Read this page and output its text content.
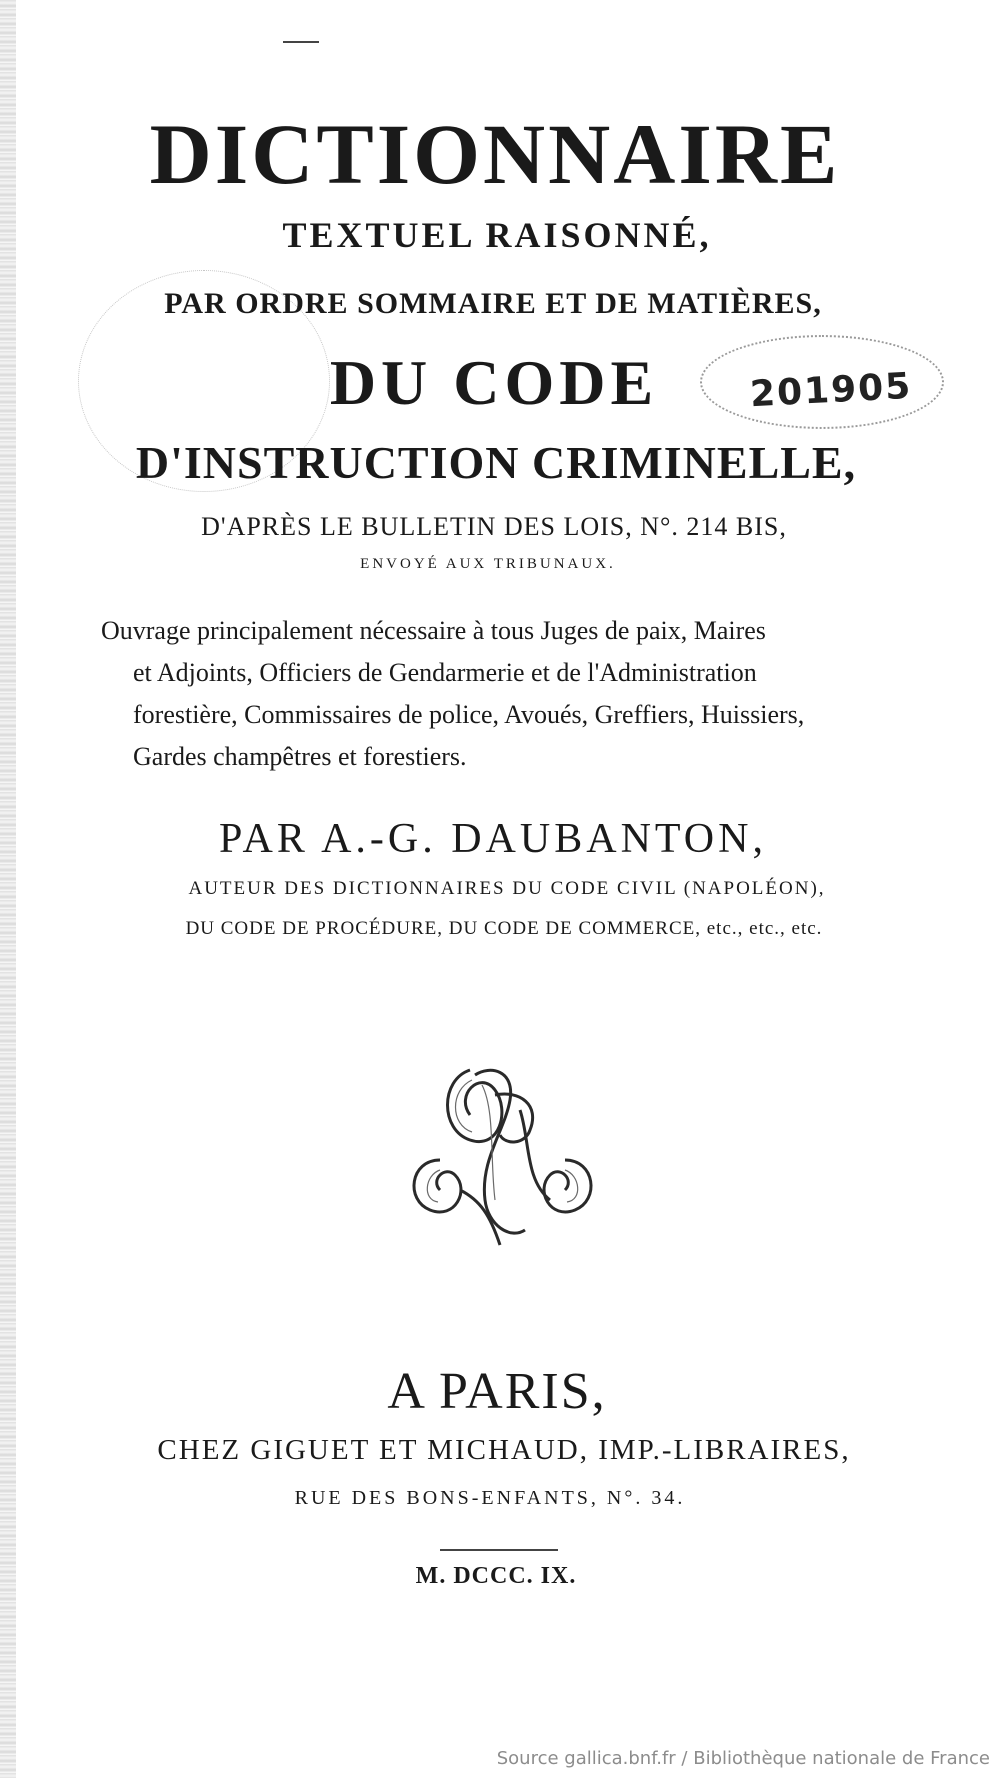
201905
DICTIONNAIRE
TEXTUEL RAISONNÉ,
PAR ORDRE SOMMAIRE ET DE MATIÈRES,
DU CODE
D'INSTRUCTION CRIMINELLE,
D'APRÈS LE BULLETIN DES LOIS, N°. 214 BIS,
ENVOYÉ AUX TRIBUNAUX.
Ouvrage principalement nécessaire à tous Juges de paix, Maires
et Adjoints, Officiers de Gendarmerie et de l'Administration
forestière, Commissaires de police, Avoués, Greffiers, Huissiers,
Gardes champêtres et forestiers.
PAR A.-G. DAUBANTON,
AUTEUR DES DICTIONNAIRES DU CODE CIVIL (NAPOLÉON),
DU CODE DE PROCÉDURE, DU CODE DE COMMERCE, etc., etc., etc.
A PARIS,
CHEZ GIGUET ET MICHAUD, IMP.-LIBRAIRES,
RUE DES BONS-ENFANTS, N°. 34.
M. DCCC. IX.
Source gallica.bnf.fr / Bibliothèque nationale de France
